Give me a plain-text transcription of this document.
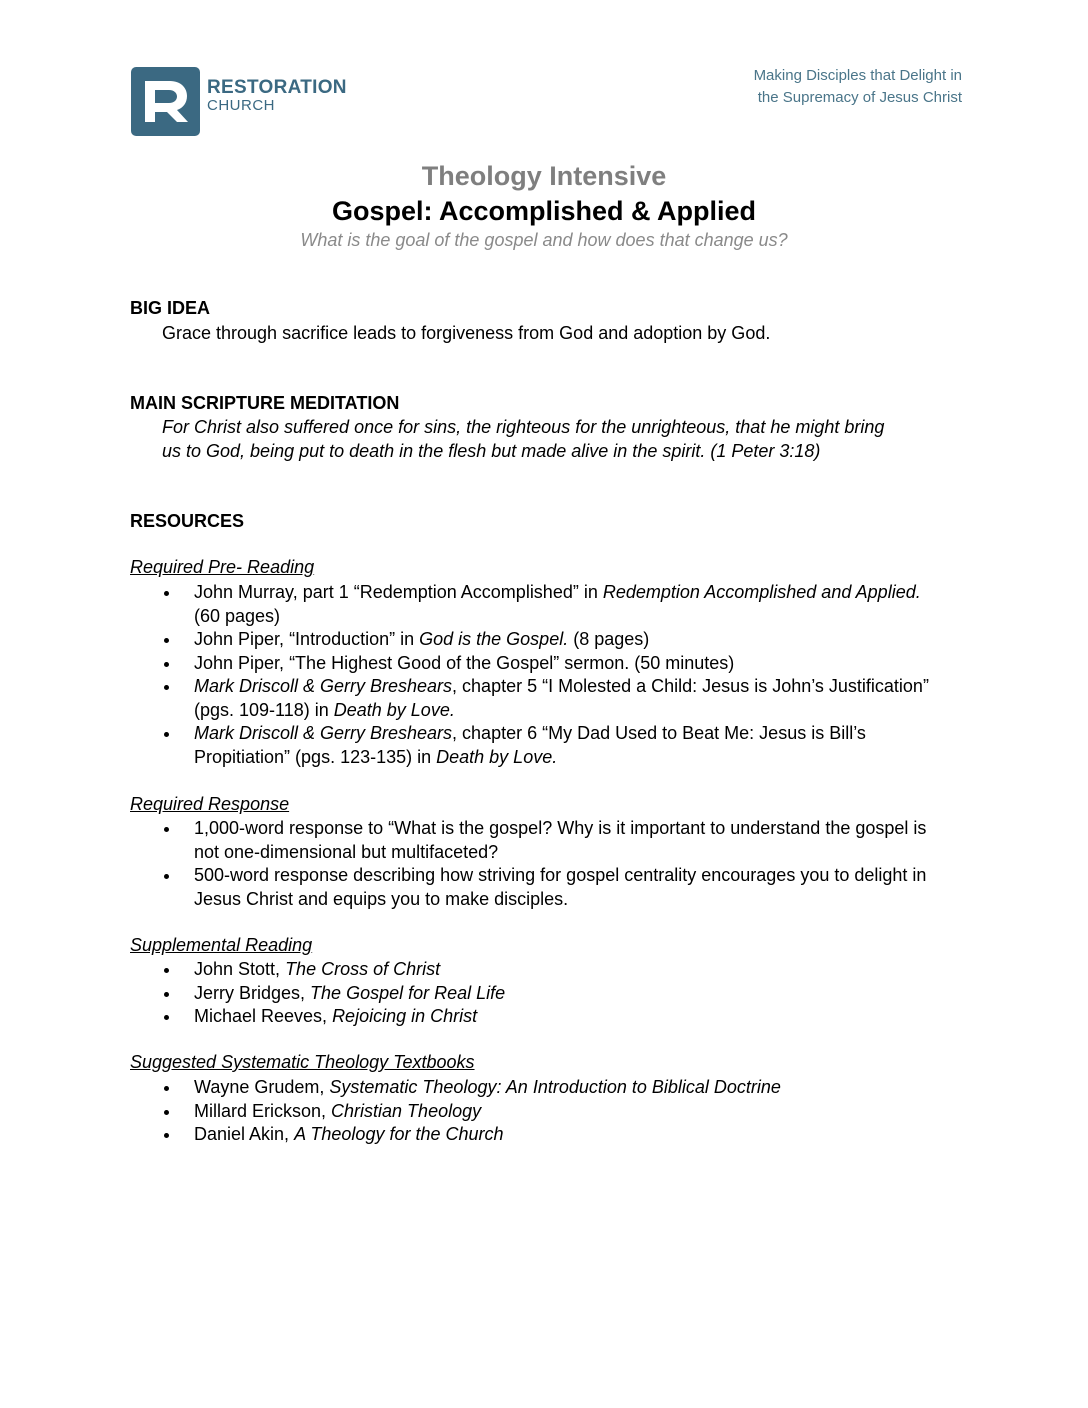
RESTORATION
CHURCH
Making Disciples that Delight in
the Supremacy of Jesus Christ
Theology Intensive
Gospel: Accomplished & Applied
What is the goal of the gospel and how does that change us?
BIG IDEA
Grace through sacrifice leads to forgiveness from God and adoption by God.
MAIN SCRIPTURE MEDITATION
For Christ also suffered once for sins, the righteous for the unrighteous, that he might bring
us to God, being put to death in the flesh but made alive in the spirit. (1 Peter 3:18)
RESOURCES
Required Pre- Reading
John Murray, part 1 “Redemption Accomplished” in Redemption Accomplished and Applied. (60 pages)
John Piper, “Introduction” in God is the Gospel. (8 pages)
John Piper, “The Highest Good of the Gospel” sermon. (50 minutes)
Mark Driscoll & Gerry Breshears, chapter 5 “I Molested a Child: Jesus is John’s Justification” (pgs. 109-118) in Death by Love.
Mark Driscoll & Gerry Breshears, chapter 6 “My Dad Used to Beat Me: Jesus is Bill’s Propitiation” (pgs. 123-135) in Death by Love.
Required Response
1,000-word response to “What is the gospel? Why is it important to understand the gospel is not one-dimensional but multifaceted?
500-word response describing how striving for gospel centrality encourages you to delight in Jesus Christ and equips you to make disciples.
Supplemental Reading
John Stott, The Cross of Christ
Jerry Bridges, The Gospel for Real Life
Michael Reeves, Rejoicing in Christ
Suggested Systematic Theology Textbooks
Wayne Grudem, Systematic Theology: An Introduction to Biblical Doctrine
Millard Erickson, Christian Theology
Daniel Akin, A Theology for the Church
